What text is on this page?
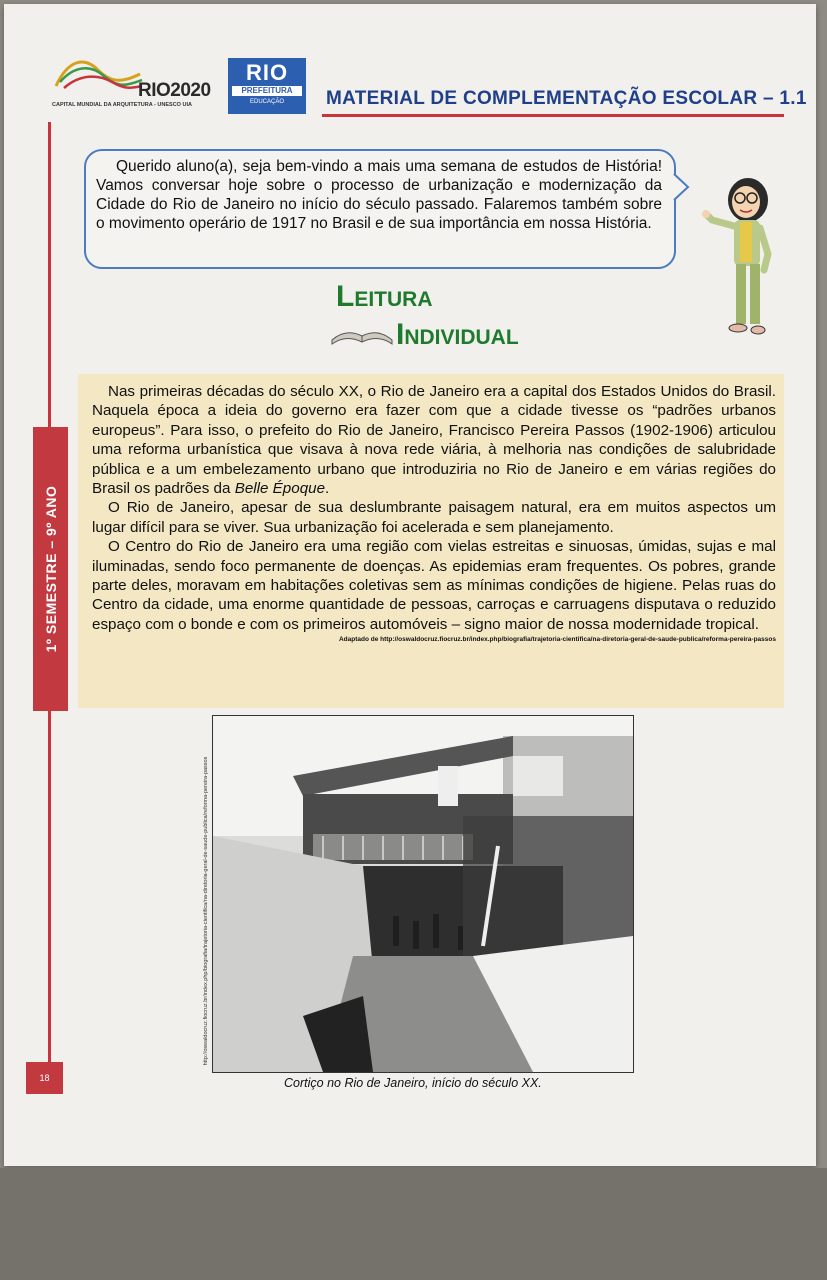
RIO2020
CAPITAL MUNDIAL DA ARQUITETURA - UNESCO UIA
RIO
PREFEITURA
EDUCAÇÃO	MATERIAL DE COMPLEMENTAÇÃO ESCOLAR – 1.1
1º SEMESTRE – 9º ANO
18
Querido aluno(a), seja bem-vindo a mais uma semana de estudos de História! Vamos conversar hoje sobre o processo de urbanização e modernização da Cidade do Rio de Janeiro no início do século passado. Falaremos também sobre o movimento operário de 1917 no Brasil e de sua importância em nossa História.
Leitura
Individual

Nas primeiras décadas do século XX, o Rio de Janeiro era a capital dos Estados Unidos do Brasil. Naquela época a ideia do governo era fazer com que a cidade tivesse os “padrões urbanos europeus”. Para isso, o prefeito do Rio de Janeiro, Francisco Pereira Passos (1902-1906) articulou uma reforma urbanística que visava à nova rede viária, à melhoria nas condições de salubridade pública e a um embelezamento urbano que introduziria no Rio de Janeiro e em várias regiões do Brasil os padrões da Belle Époque.

O Rio de Janeiro, apesar de sua deslumbrante paisagem natural, era em muitos aspectos um lugar difícil para se viver. Sua urbanização foi acelerada e sem planejamento.

O Centro do Rio de Janeiro era uma região com vielas estreitas e sinuosas, úmidas, sujas e mal iluminadas, sendo foco permanente de doenças. As epidemias eram frequentes. Os pobres, grande parte deles, moravam em habitações coletivas sem as mínimas condições de higiene. Pelas ruas do Centro da cidade, uma enorme quantidade de pessoas, carroças e carruagens disputava o reduzido espaço com o bonde e com os primeiros automóveis – signo maior de nossa modernidade tropical.

Adaptado de http://oswaldocruz.fiocruz.br/index.php/biografia/trajetoria-cientifica/na-diretoria-geral-de-saude-publica/reforma-pereira-passos
http://oswaldocruz.fiocruz.br/index.php/biografia/trajetoria-cientifica/na-diretoria-geral-de-saude-publica/reforma-pereira-passos
Cortiço no Rio de Janeiro, início do século XX.
